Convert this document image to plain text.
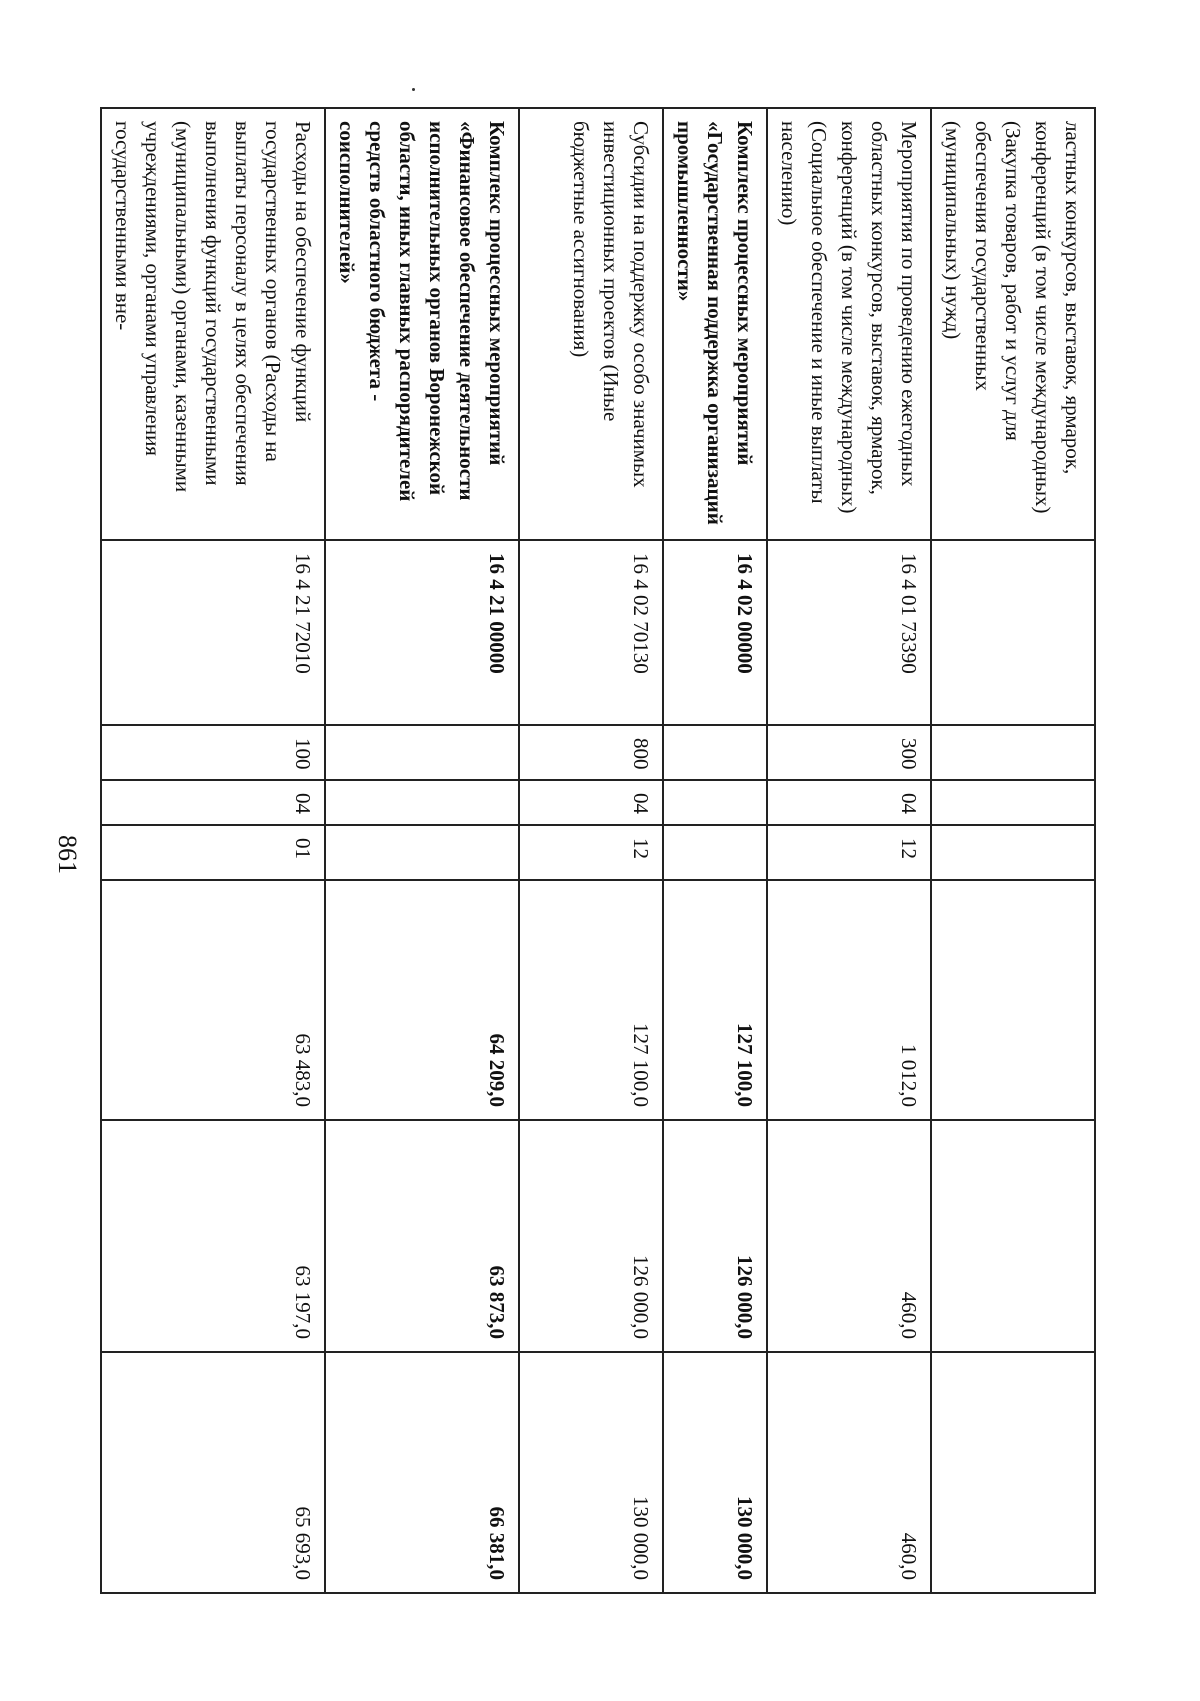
861
ластных конкурсов, выставок, ярмарок, конференций (в том числе международных) (Закупка товаров, работ и услуг для обеспечения государственных (муниципальных) нужд)							
Мероприятия по проведению ежегодных областных конкурсов, выставок, ярмарок, конференций (в том числе международных) (Социальное обеспечение и иные выплаты населению)	16 4 01 73390	300	04	12	1 012,0	460,0	460,0
Комплекс процессных мероприятий «Государственная поддержка организаций промышленности»	16 4 02 00000				127 100,0	126 000,0	130 000,0
Субсидии на поддержку особо значимых инвестиционных проектов (Иные бюджетные ассигнования)	16 4 02 70130	800	04	12	127 100,0	126 000,0	130 000,0
Комплекс процессных мероприятий «Финансовое обеспечение деятельности исполнительных органов Воронежской области, иных главных распорядителей средств областного бюджета - соисполнителей»	16 4 21 00000				64 209,0	63 873,0	66 381,0
Расходы на обеспечение функций государственных органов (Расходы на выплаты персоналу в целях обеспечения выполнения функций государственными (муниципальными) органами, казенными учреждениями, органами управления государственными вне-	16 4 21 72010	100	04	01	63 483,0	63 197,0	65 693,0
